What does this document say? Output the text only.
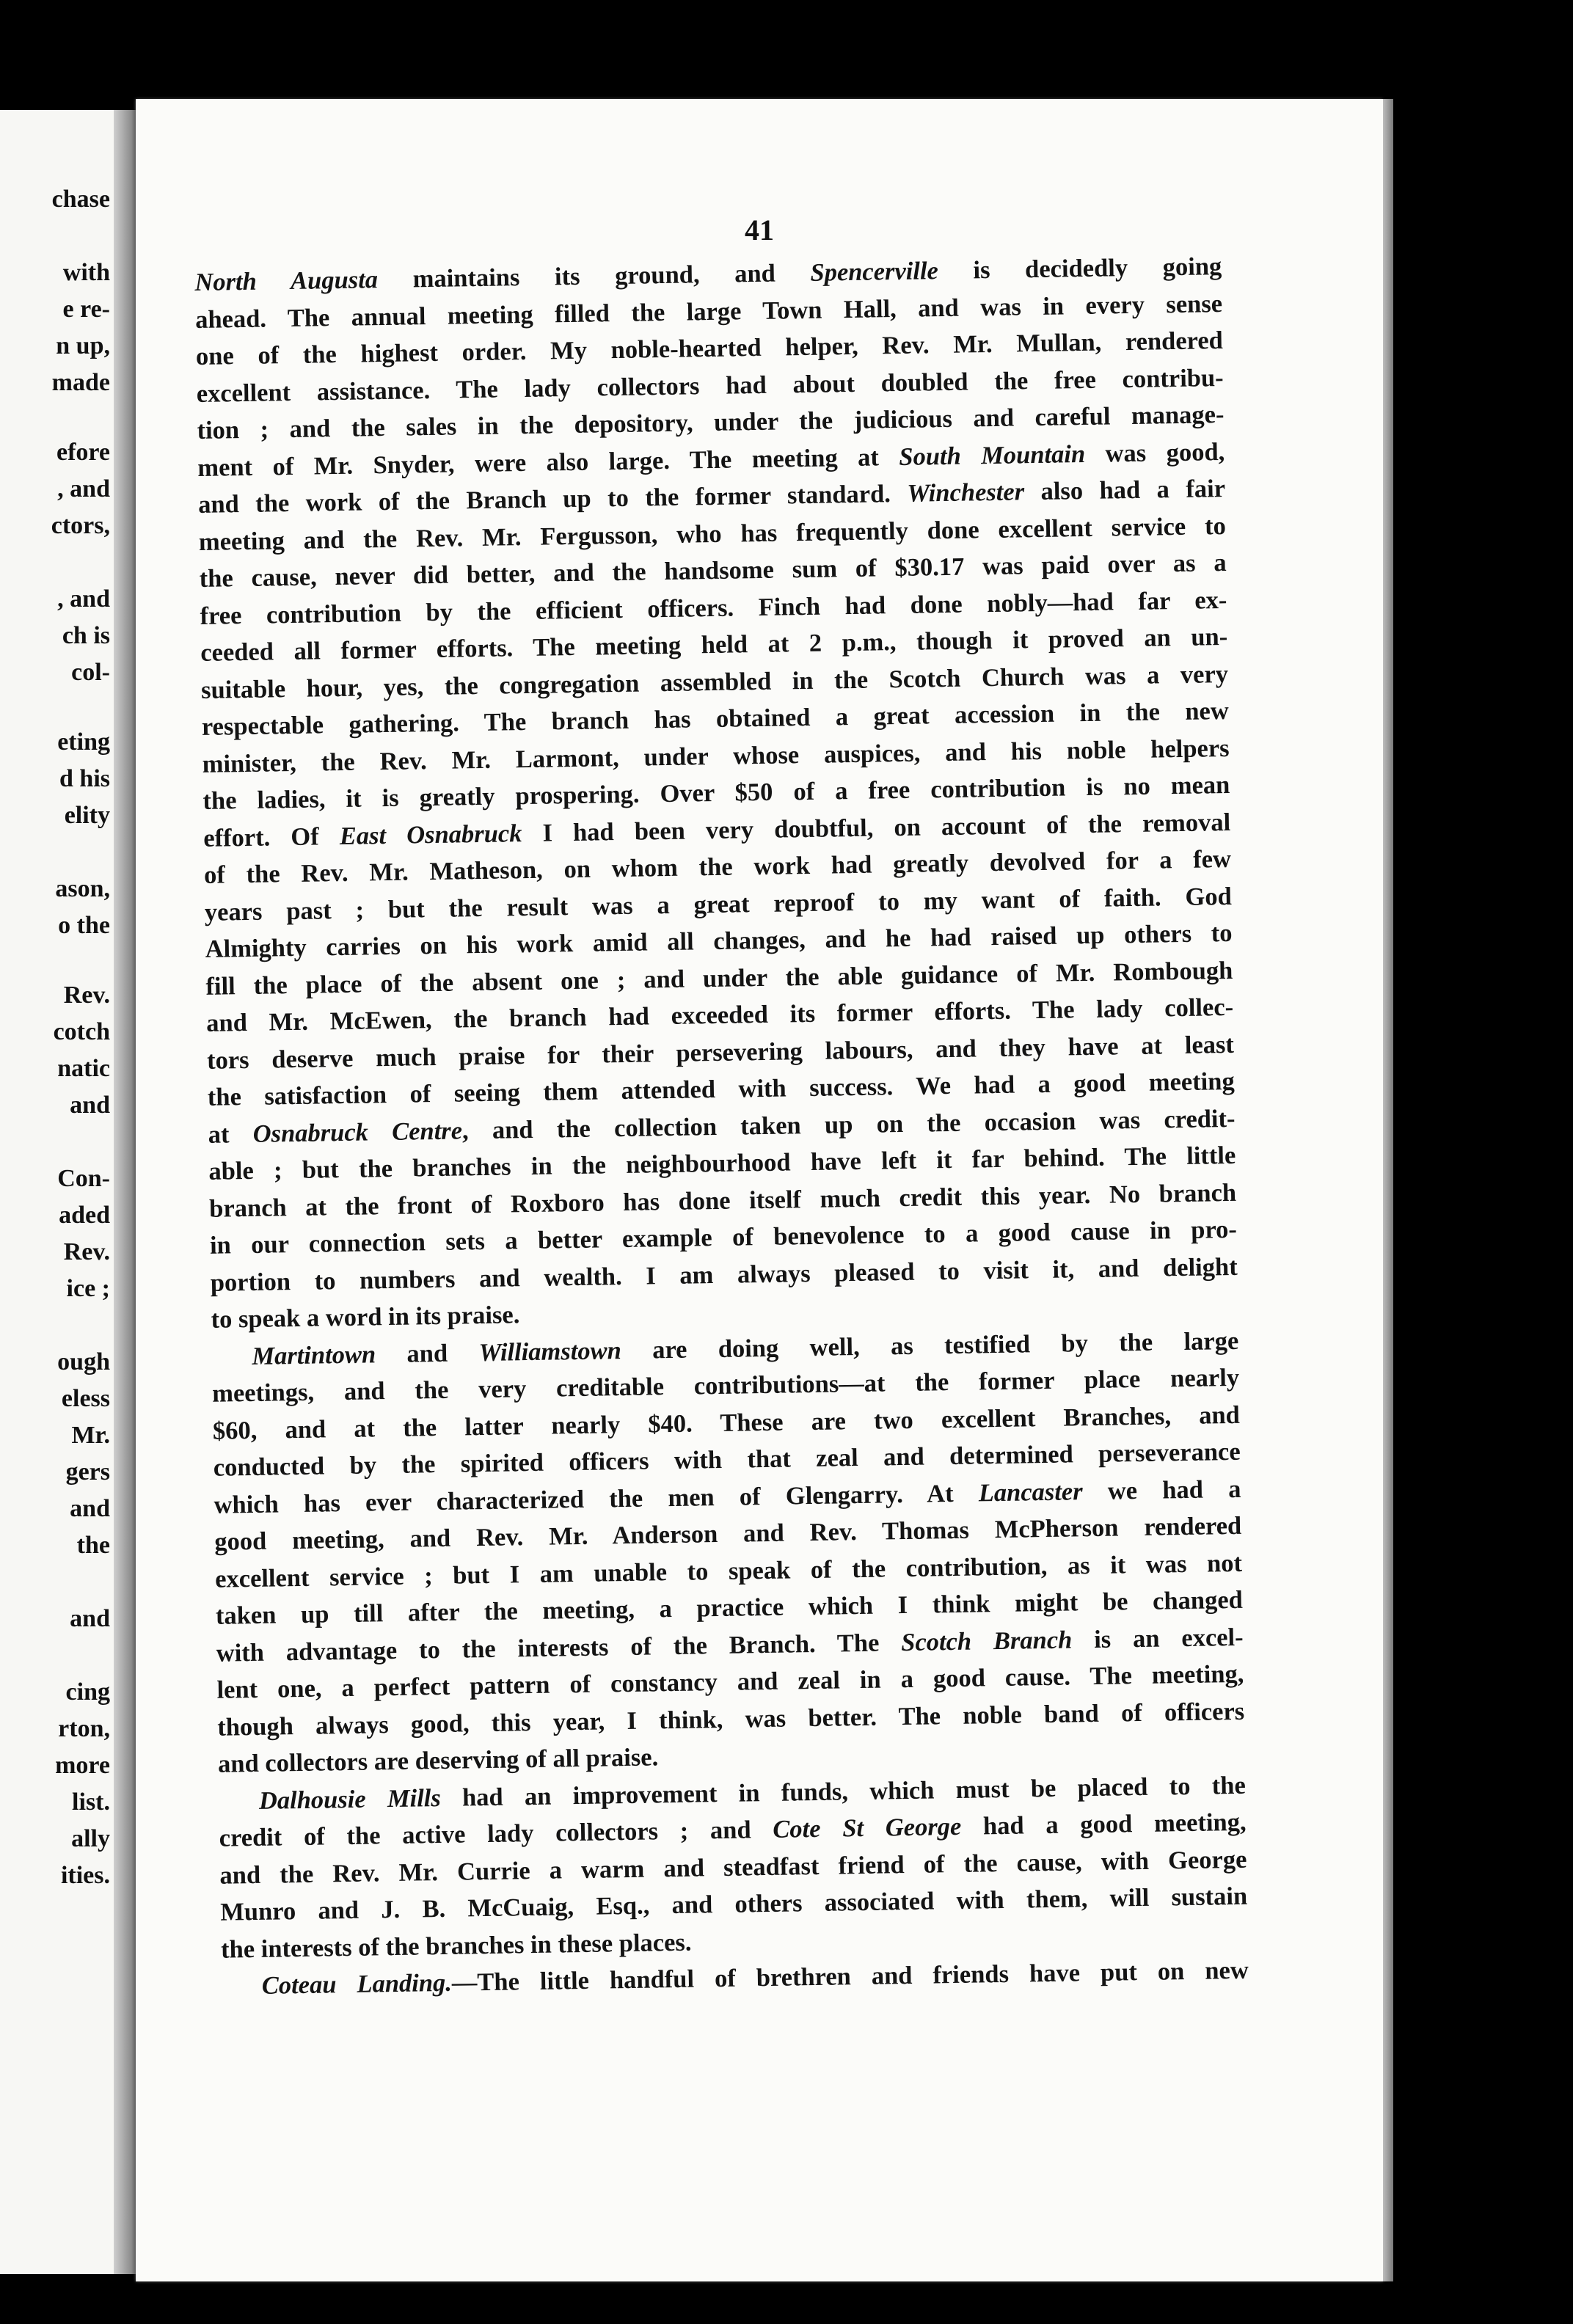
chase
with
e re-
n up,
made
efore
, and
ctors,
, and
ch is
col-
eting
d his
elity
ason,
o the
Rev.
cotch
natic
and
Con-
aded
Rev.
ice ;
ough
eless
Mr.
gers
and
the
and
cing
rton,
more
list.
ally
ities.
41
North Augusta maintains its ground, and Spencerville is decidedly going
ahead. The annual meeting filled the large Town Hall, and was in every sense
one of the highest order. My noble-hearted helper, Rev. Mr. Mullan, rendered
excellent assistance. The lady collectors had about doubled the free contribu-
tion ; and the sales in the depository, under the judicious and careful manage-
ment of Mr. Snyder, were also large. The meeting at South Mountain was good,
and the work of the Branch up to the former standard. Winchester also had a fair
meeting and the Rev. Mr. Fergusson, who has frequently done excellent service to
the cause, never did better, and the handsome sum of $30.17 was paid over as a
free contribution by the efficient officers. Finch had done nobly—had far ex-
ceeded all former efforts. The meeting held at 2 p.m., though it proved an un-
suitable hour, yes, the congregation assembled in the Scotch Church was a very
respectable gathering. The branch has obtained a great accession in the new
minister, the Rev. Mr. Larmont, under whose auspices, and his noble helpers
the ladies, it is greatly prospering. Over $50 of a free contribution is no mean
effort. Of East Osnabruck I had been very doubtful, on account of the removal
of the Rev. Mr. Matheson, on whom the work had greatly devolved for a few
years past ; but the result was a great reproof to my want of faith. God
Almighty carries on his work amid all changes, and he had raised up others to
fill the place of the absent one ; and under the able guidance of Mr. Rombough
and Mr. McEwen, the branch had exceeded its former efforts. The lady collec-
tors deserve much praise for their persevering labours, and they have at least
the satisfaction of seeing them attended with success. We had a good meeting
at Osnabruck Centre, and the collection taken up on the occasion was credit-
able ; but the branches in the neighbourhood have left it far behind. The little
branch at the front of Roxboro has done itself much credit this year. No branch
in our connection sets a better example of benevolence to a good cause in pro-
portion to numbers and wealth. I am always pleased to visit it, and delight
to speak a word in its praise.
Martintown and Williamstown are doing well, as testified by the large
meetings, and the very creditable contributions—at the former place nearly
$60, and at the latter nearly $40. These are two excellent Branches, and
conducted by the spirited officers with that zeal and determined perseverance
which has ever characterized the men of Glengarry. At Lancaster we had a
good meeting, and Rev. Mr. Anderson and Rev. Thomas McPherson rendered
excellent service ; but I am unable to speak of the contribution, as it was not
taken up till after the meeting, a practice which I think might be changed
with advantage to the interests of the Branch. The Scotch Branch is an excel-
lent one, a perfect pattern of constancy and zeal in a good cause. The meeting,
though always good, this year, I think, was better. The noble band of officers
and collectors are deserving of all praise.
Dalhousie Mills had an improvement in funds, which must be placed to the
credit of the active lady collectors ; and Cote St George had a good meeting,
and the Rev. Mr. Currie a warm and steadfast friend of the cause, with George
Munro and J. B. McCuaig, Esq., and others associated with them, will sustain
the interests of the branches in these places.
Coteau Landing.—The little handful of brethren and friends have put on new
